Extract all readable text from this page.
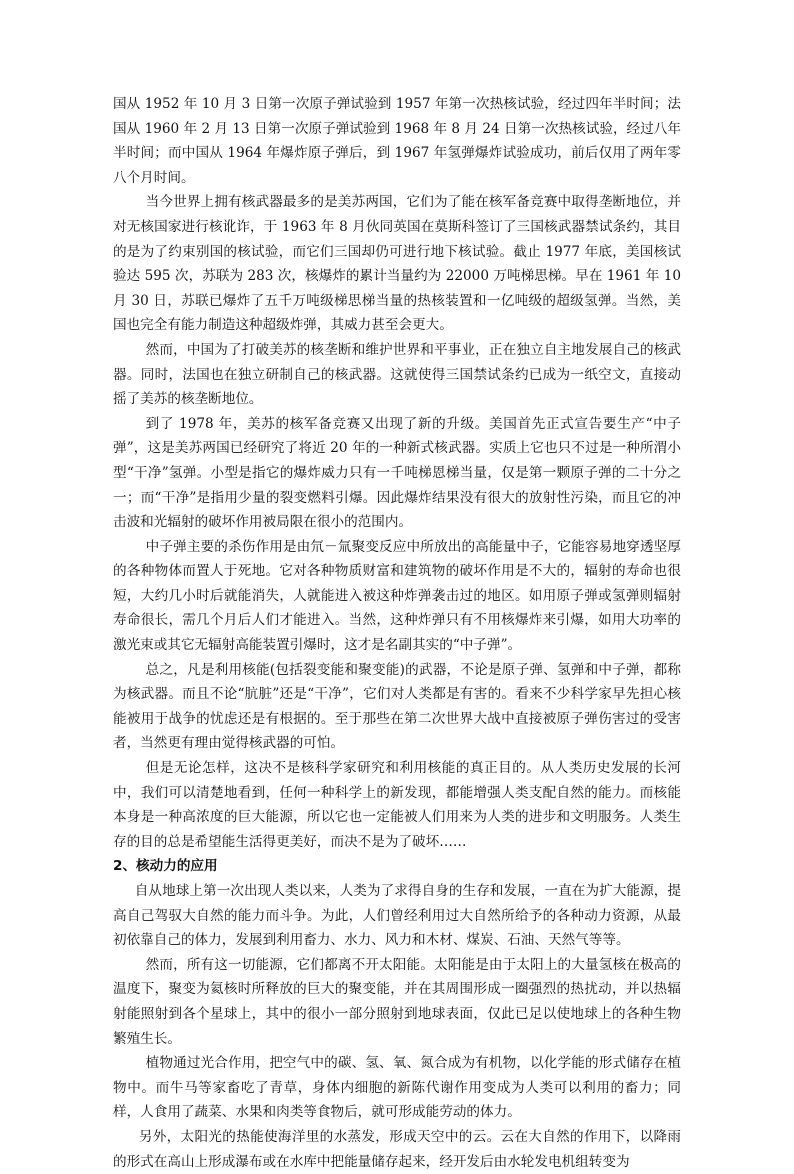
国从 1952 年 10 月 3 日第一次原子弹试验到 1957 年第一次热核试验，经过四年半时间；法国从 1960 年 2 月 13 日第一次原子弹试验到 1968 年 8 月 24 日第一次热核试验，经过八年半时间；而中国从 1964 年爆炸原子弹后，到 1967 年氢弹爆炸试验成功，前后仅用了两年零八个月时间。

当今世界上拥有核武器最多的是美苏两国，它们为了能在核军备竞赛中取得垄断地位，并对无核国家进行核讹诈，于 1963 年 8 月伙同英国在莫斯科签订了三国核武器禁试条约，其目的是为了约束别国的核试验，而它们三国却仍可进行地下核试验。截止 1977 年底，美国核试验达 595 次，苏联为 283 次，核爆炸的累计当量约为 22000 万吨梯思梯。早在 1961 年 10 月 30 日，苏联已爆炸了五千万吨级梯思梯当量的热核装置和一亿吨级的超级氢弹。当然，美国也完全有能力制造这种超级炸弹，其威力甚至会更大。

然而，中国为了打破美苏的核垄断和维护世界和平事业，正在独立自主地发展自己的核武器。同时，法国也在独立研制自己的核武器。这就使得三国禁试条约已成为一纸空文，直接动摇了美苏的核垄断地位。

到了 1978 年，美苏的核军备竞赛又出现了新的升级。美国首先正式宣告要生产“中子弹”，这是美苏两国已经研究了将近 20 年的一种新式核武器。实质上它也只不过是一种所渭小型“干净”氢弹。小型是指它的爆炸威力只有一千吨梯恩梯当量，仅是第一颗原子弹的二十分之一；而“干净”是指用少量的裂变燃料引爆。因此爆炸结果没有很大的放射性污染，而且它的冲击波和光辐射的破坏作用被局限在很小的范围内。

中子弹主要的杀伤作用是由氘－氚聚变反应中所放出的高能量中子，它能容易地穿透坚厚的各种物体而置人于死地。它对各种物质财富和建筑物的破坏作用是不大的，辐射的寿命也很短，大约几小时后就能消失，人就能进入被这种炸弹袭击过的地区。如用原子弹或氢弹则辐射寿命很长，需几个月后人们才能进入。当然，这种炸弹只有不用核爆炸来引爆，如用大功率的激光束或其它无辐射高能装置引爆时，这才是名副其实的“中子弹”。

总之，凡是利用核能(包括裂变能和聚变能)的武器，不论是原子弹、氢弹和中子弹，都称为核武器。而且不论“肮脏”还是“干净”，它们对人类都是有害的。看来不少科学家早先担心核能被用于战争的忧虑还是有根据的。至于那些在第二次世界大战中直接被原子弹伤害过的受害者，当然更有理由觉得核武器的可怕。

但是无论怎样，这决不是核科学家研究和利用核能的真正目的。从人类历史发展的长河中，我们可以清楚地看到，任何一种科学上的新发现，都能增强人类支配自然的能力。而核能本身是一种高浓度的巨大能源，所以它也一定能被人们用来为人类的进步和文明服务。人类生存的目的总是希望能生活得更美好，而决不是为了破坏……

2、核动力的应用

自从地球上第一次出现人类以来，人类为了求得自身的生存和发展，一直在为扩大能源，提高自己驾驭大自然的能力而斗争。为此，人们曾经利用过大自然所给予的各种动力资源，从最初依靠自己的体力，发展到利用畜力、水力、风力和木材、煤炭、石油、天然气等等。

然而，所有这一切能源，它们都离不开太阳能。太阳能是由于太阳上的大量氢核在极高的温度下，聚变为氦核时所释放的巨大的聚变能，并在其周围形成一圈强烈的热扰动，并以热辐射能照射到各个星球上，其中的很小一部分照射到地球表面，仅此已足以使地球上的各种生物繁殖生长。

植物通过光合作用，把空气中的碳、氢、氧、氮合成为有机物，以化学能的形式储存在植物中。而牛马等家畜吃了青草，身体内细胞的新陈代谢作用变成为人类可以利用的畜力；同样，人食用了蔬菜、水果和肉类等食物后，就可形成能劳动的体力。

另外，太阳光的热能使海洋里的水蒸发，形成天空中的云。云在大自然的作用下，以降雨的形式在高山上形成瀑布或在水库中把能量储存起来，经开发后由水轮发电机组转变为
